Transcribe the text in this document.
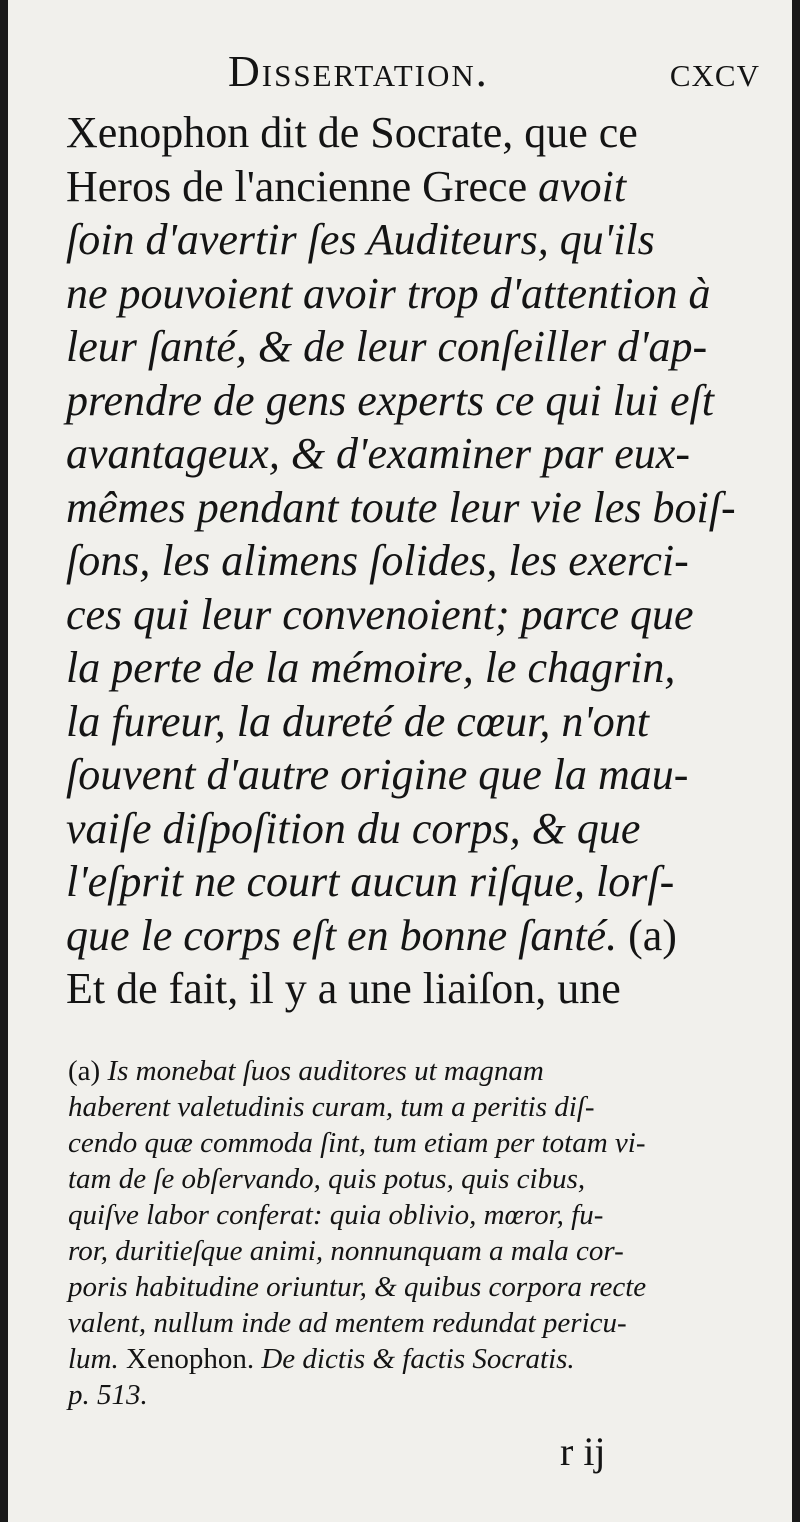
Dissertation.	cxcv
Xenophon dit de Socrate, que ce
Heros de l'ancienne Grece avoit
ſoin d'avertir ſes Auditeurs, qu'ils
ne pouvoient avoir trop d'attention à
leur ſanté, & de leur conſeiller d'ap-
prendre de gens experts ce qui lui eſt
avantageux, & d'examiner par eux-
mêmes pendant toute leur vie les boiſ-
ſons, les alimens ſolides, les exerci-
ces qui leur convenoient; parce que
la perte de la mémoire, le chagrin,
la fureur, la dureté de cœur, n'ont
ſouvent d'autre origine que la mau-
vaiſe diſpoſition du corps, & que
l'eſprit ne court aucun riſque, lorſ-
que le corps eſt en bonne ſanté. (a)
Et de fait, il y a une liaiſon, une
(a) Is monebat ſuos auditores ut magnam
haberent valetudinis curam, tum a peritis diſ-
cendo quæ commoda ſint, tum etiam per totam vi-
tam de ſe obſervando, quis potus, quis cibus,
quiſve labor conferat: quia oblivio, mœror, fu-
ror, duritieſque animi, nonnunquam a mala cor-
poris habitudine oriuntur, & quibus corpora recte
valent, nullum inde ad mentem redundat pericu-
lum. Xenophon. De dictis & factis Socratis.
p. 513.
r ij
